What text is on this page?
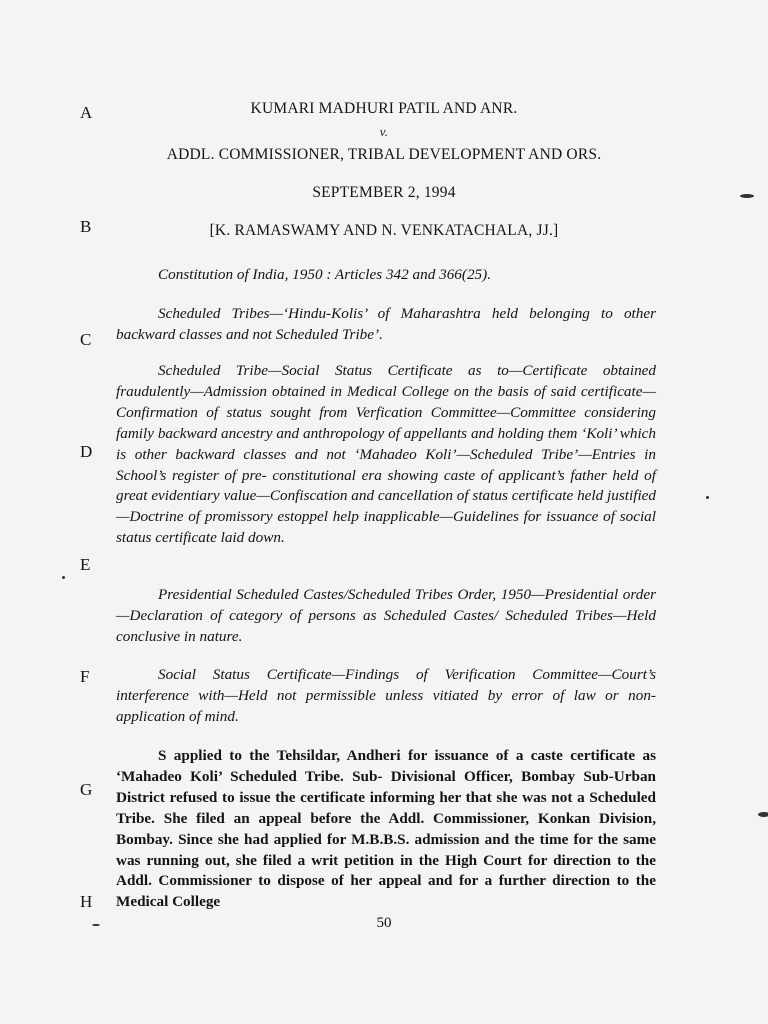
A
B
C
D
E
F
G
H
KUMARI MADHURI PATIL AND ANR.
v.
ADDL. COMMISSIONER, TRIBAL DEVELOPMENT AND ORS.
SEPTEMBER 2, 1994
[K. RAMASWAMY AND N. VENKATACHALA, JJ.]
Constitution of India, 1950 : Articles 342 and 366(25).
Scheduled Tribes—‘Hindu-Kolis’ of Maharashtra held belonging to other backward classes and not Scheduled Tribe’.
Scheduled Tribe—Social Status Certificate as to—Certificate obtained fraudulently—Admission obtained in Medical College on the basis of said certificate—Confirmation of status sought from Verfication Committee—Committee considering family backward ancestry and anthropology of appellants and holding them ‘Koli’ which is other backward classes and not ‘Mahadeo Koli’—Scheduled Tribe’—Entries in School’s register of pre- constitutional era showing caste of applicant’s father held of great evidentiary value—Confiscation and cancellation of status certificate held justified—Doctrine of promissory estoppel help inapplicable—Guidelines for issuance of social status certificate laid down.
Presidential Scheduled Castes/Scheduled Tribes Order, 1950—Presidential order—Declaration of category of persons as Scheduled Castes/ Scheduled Tribes—Held conclusive in nature.
Social Status Certificate—Findings of Verification Committee—Court’s interference with—Held not permissible unless vitiated by error of law or non-application of mind.
S applied to the Tehsildar, Andheri for issuance of a caste certificate as ‘Mahadeo Koli’ Scheduled Tribe. Sub- Divisional Officer, Bombay Sub-Urban District refused to issue the certificate informing her that she was not a Scheduled Tribe. She filed an appeal before the Addl. Commissioner, Konkan Division, Bombay. Since she had applied for M.B.B.S. admission and the time for the same was running out, she filed a writ petition in the High Court for direction to the Addl. Commissioner to dispose of her appeal and for a further direction to the Medical College
50
